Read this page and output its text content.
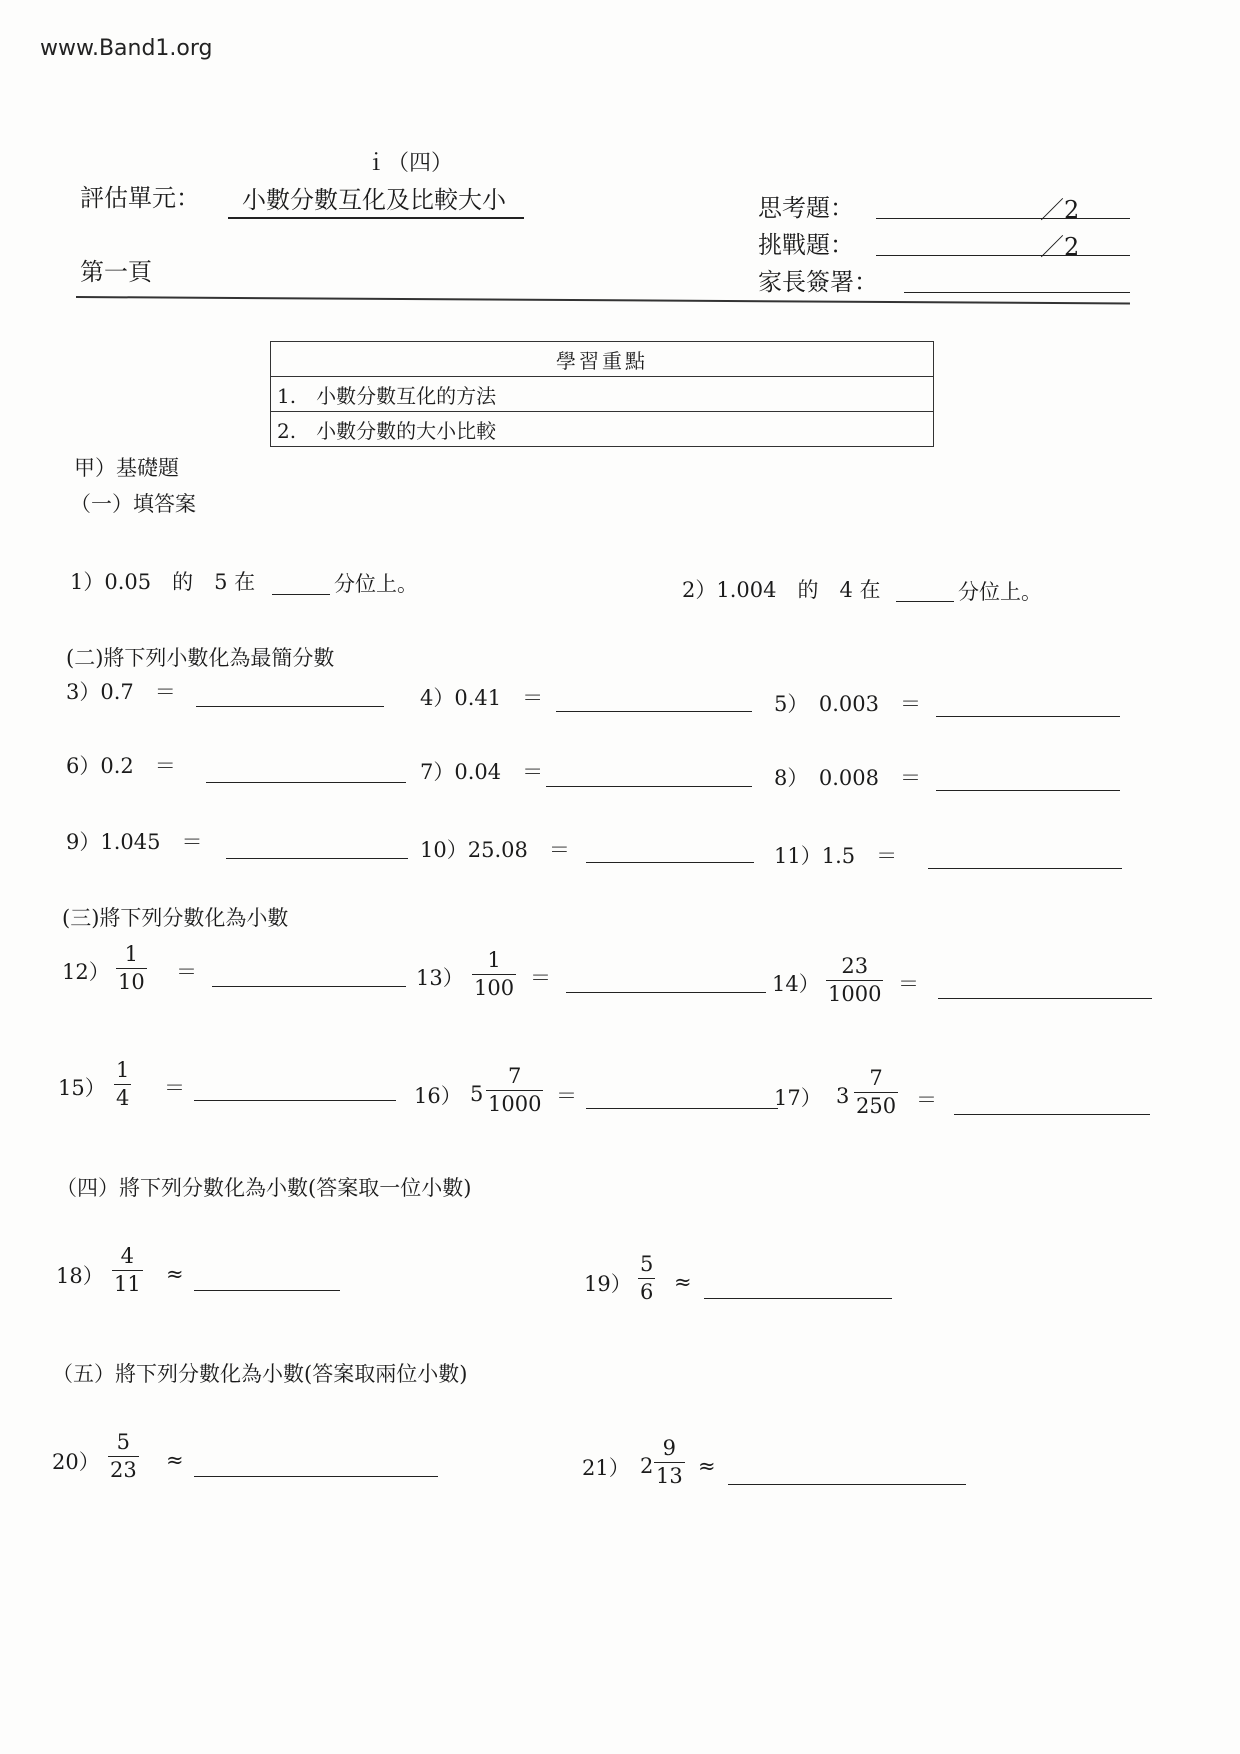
www.Band1.org
ｉ（四）
評估單元：	小數分數互化及比較大小
第一頁
思考題：	／2
挑戰題：	／2
家長簽署：
學習重點
1.　小數分數互化的方法
2.　小數分數的大小比較
甲）基礎題
（一）填答案
1）0.05　的　5 在	分位上。	2）1.004　的　4 在	分位上。
(二)將下列小數化為最簡分數
3）0.7　＝	4）0.41　＝	5）　0.003　＝
6）0.2　＝	7）0.04　＝	8）　0.008　＝
9）1.045　＝	10）25.08　＝	11）1.5　＝
(三)將下列分數化為小數
$12) \frac{1}{10}$ ＝	$13) \frac{1}{100}$ ＝	$14) \frac{23}{1000}$ ＝
$15) \frac{1}{4}$ ＝	16） $5 \frac{7}{1000}$ ＝	17） $3 \frac{7}{250}$ ＝
（四）將下列分數化為小數(答案取一位小數)
$18) \frac{4}{11}$ ≈	$19) \frac{5}{6}$ ≈
（五）將下列分數化為小數(答案取兩位小數)
$20) \frac{5}{23}$ ≈	21） $2 \frac{9}{13}$ ≈
